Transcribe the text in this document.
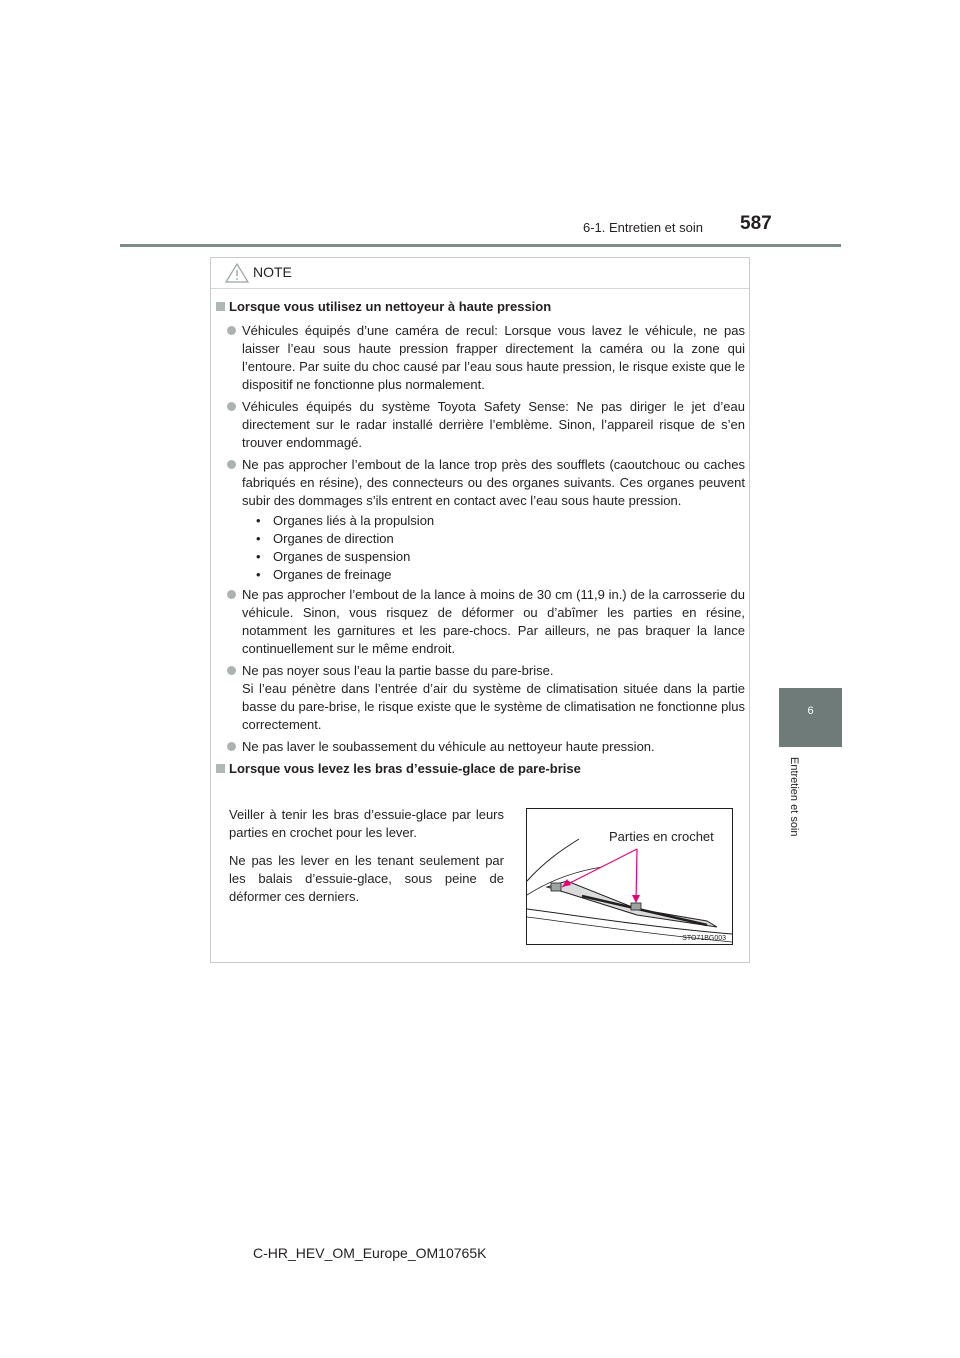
6-1. Entretien et soin 587
6
Entretien et soin
NOTE
Lorsque vous utilisez un nettoyeur à haute pression
Véhicules équipés d’une caméra de recul: Lorsque vous lavez le véhicule, ne pas laisser l’eau sous haute pression frapper directement la caméra ou la zone qui l’entoure. Par suite du choc causé par l’eau sous haute pression, le risque existe que le dispositif ne fonctionne plus normalement.
Véhicules équipés du système Toyota Safety Sense: Ne pas diriger le jet d’eau directement sur le radar installé derrière l’emblème. Sinon, l’appareil risque de s’en trouver endommagé.
Ne pas approcher l’embout de la lance trop près des soufflets (caoutchouc ou caches fabriqués en résine), des connecteurs ou des organes suivants. Ces organes peuvent subir des dommages s’ils entrent en contact avec l’eau sous haute pression.
• Organes liés à la propulsion
• Organes de direction
• Organes de suspension
• Organes de freinage
Ne pas approcher l’embout de la lance à moins de 30 cm (11,9 in.) de la carrosserie du véhicule. Sinon, vous risquez de déformer ou d’abîmer les parties en résine, notamment les garnitures et les pare-chocs. Par ailleurs, ne pas braquer la lance continuellement sur le même endroit.
Ne pas noyer sous l’eau la partie basse du pare-brise.
Si l’eau pénètre dans l’entrée d’air du système de climatisation située dans la partie basse du pare-brise, le risque existe que le système de climatisation ne fonctionne plus correctement.
Ne pas laver le soubassement du véhicule au nettoyeur haute pression.
Lorsque vous levez les bras d’essuie-glace de pare-brise
Veiller à tenir les bras d’essuie-glace par leurs parties en crochet pour les lever.
Ne pas les lever en les tenant seulement par les balais d’essuie-glace, sous peine de déformer ces derniers.
Parties en crochet
STO71BG003
C-HR_HEV_OM_Europe_OM10765K
